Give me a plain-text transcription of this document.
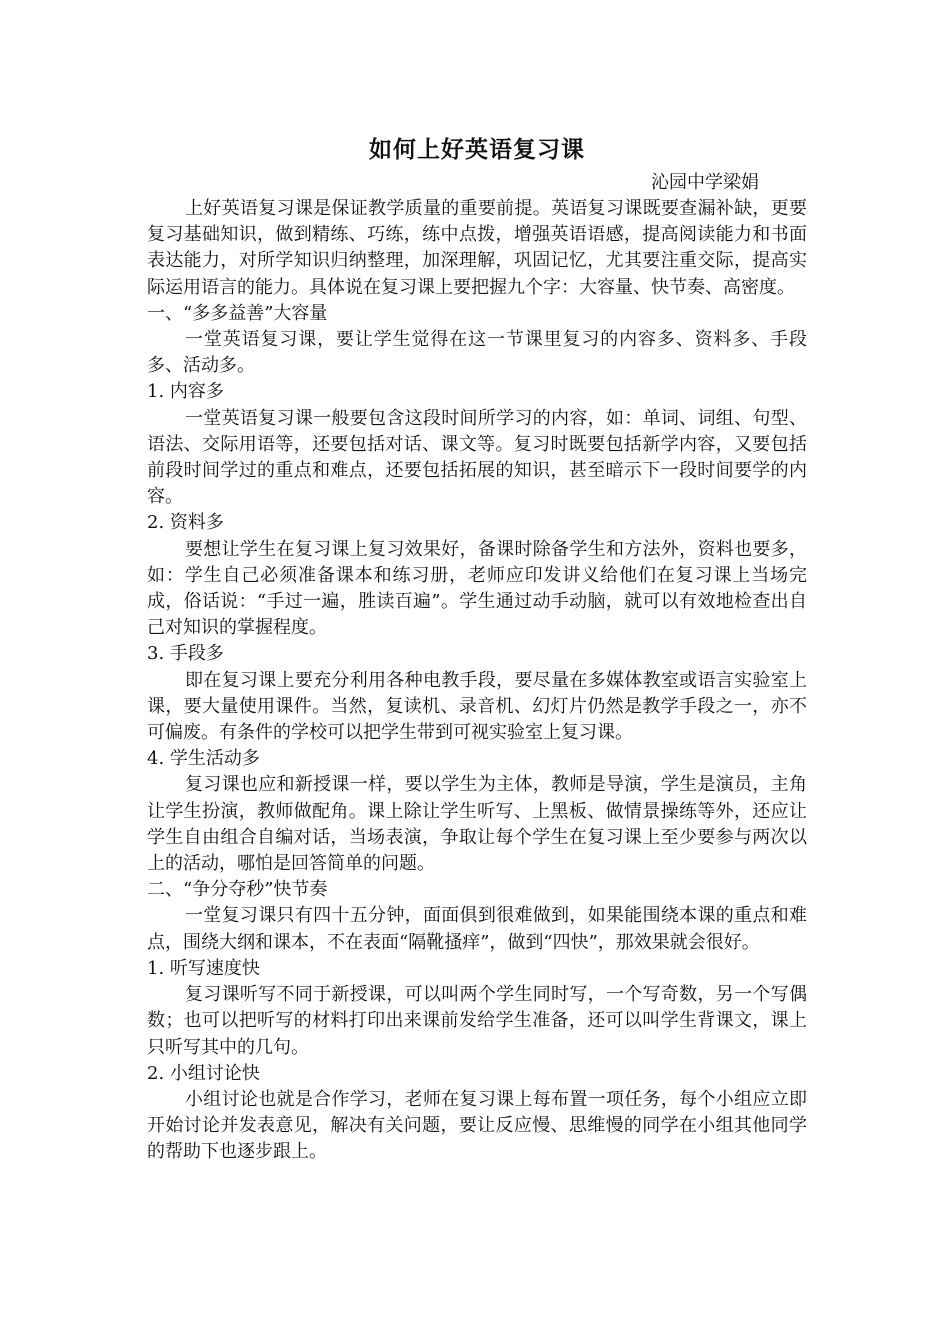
如何上好英语复习课

沁园中学梁娟

上好英语复习课是保证教学质量的重要前提。英语复习课既要查漏补缺，更要复习基础知识，做到精练、巧练，练中点拨，增强英语语感，提高阅读能力和书面表达能力，对所学知识归纳整理，加深理解，巩固记忆，尤其要注重交际，提高实际运用语言的能力。具体说在复习课上要把握九个字：大容量、快节奏、高密度。

一、“多多益善”大容量

一堂英语复习课，要让学生觉得在这一节课里复习的内容多、资料多、手段多、活动多。

1. 内容多

一堂英语复习课一般要包含这段时间所学习的内容，如：单词、词组、句型、语法、交际用语等，还要包括对话、课文等。复习时既要包括新学内容，又要包括前段时间学过的重点和难点，还要包括拓展的知识，甚至暗示下一段时间要学的内容。

2. 资料多

要想让学生在复习课上复习效果好，备课时除备学生和方法外，资料也要多，如：学生自己必须准备课本和练习册，老师应印发讲义给他们在复习课上当场完成，俗话说：“手过一遍，胜读百遍”。学生通过动手动脑，就可以有效地检查出自己对知识的掌握程度。

3. 手段多

即在复习课上要充分利用各种电教手段，要尽量在多媒体教室或语言实验室上课，要大量使用课件。当然，复读机、录音机、幻灯片仍然是教学手段之一，亦不可偏废。有条件的学校可以把学生带到可视实验室上复习课。

4. 学生活动多

复习课也应和新授课一样，要以学生为主体，教师是导演，学生是演员，主角让学生扮演，教师做配角。课上除让学生听写、上黑板、做情景操练等外，还应让学生自由组合自编对话，当场表演，争取让每个学生在复习课上至少要参与两次以上的活动，哪怕是回答简单的问题。

二、“争分夺秒”快节奏

一堂复习课只有四十五分钟，面面俱到很难做到，如果能围绕本课的重点和难点，围绕大纲和课本，不在表面“隔靴搔痒”，做到“四快”，那效果就会很好。

1. 听写速度快

复习课听写不同于新授课，可以叫两个学生同时写，一个写奇数，另一个写偶数；也可以把听写的材料打印出来课前发给学生准备，还可以叫学生背课文，课上只听写其中的几句。

2. 小组讨论快

小组讨论也就是合作学习，老师在复习课上每布置一项任务，每个小组应立即开始讨论并发表意见，解决有关问题，要让反应慢、思维慢的同学在小组其他同学的帮助下也逐步跟上。
